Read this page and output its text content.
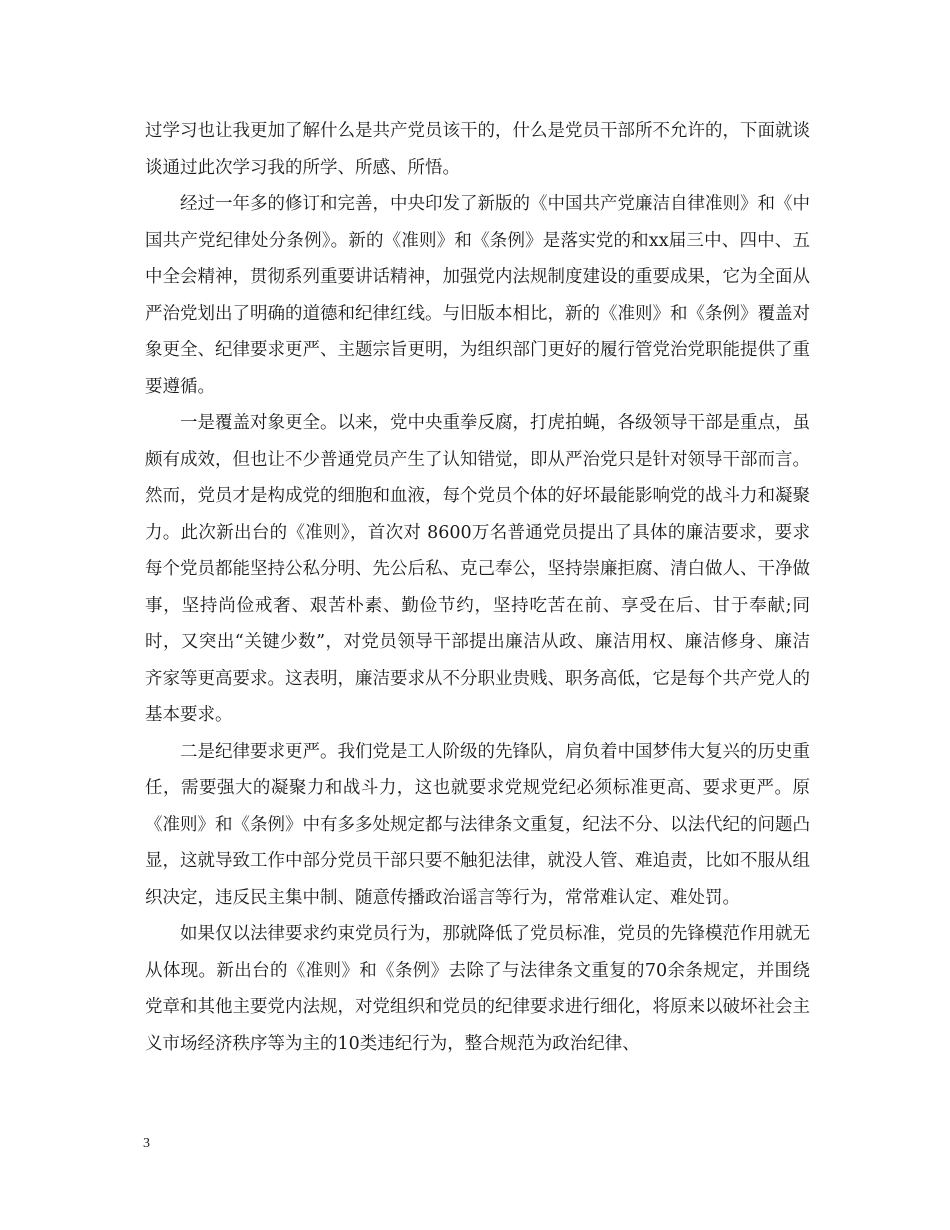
过学习也让我更加了解什么是共产党员该干的，什么是党员干部所不允许的，下面就谈谈通过此次学习我的所学、所感、所悟。

经过一年多的修订和完善，中央印发了新版的《中国共产党廉洁自律准则》和《中国共产党纪律处分条例》。新的《准则》和《条例》是落实党的和xx届三中、四中、五中全会精神，贯彻系列重要讲话精神，加强党内法规制度建设的重要成果，它为全面从严治党划出了明确的道德和纪律红线。与旧版本相比，新的《准则》和《条例》覆盖对象更全、纪律要求更严、主题宗旨更明，为组织部门更好的履行管党治党职能提供了重要遵循。

一是覆盖对象更全。以来，党中央重拳反腐，打虎拍蝇，各级领导干部是重点，虽颇有成效，但也让不少普通党员产生了认知错觉，即从严治党只是针对领导干部而言。然而，党员才是构成党的细胞和血液，每个党员个体的好坏最能影响党的战斗力和凝聚力。此次新出台的《准则》，首次对 8600万名普通党员提出了具体的廉洁要求，要求每个党员都能坚持公私分明、先公后私、克己奉公，坚持崇廉拒腐、清白做人、干净做事，坚持尚俭戒奢、艰苦朴素、勤俭节约，坚持吃苦在前、享受在后、甘于奉献;同时，又突出“关键少数”，对党员领导干部提出廉洁从政、廉洁用权、廉洁修身、廉洁齐家等更高要求。这表明，廉洁要求从不分职业贵贱、职务高低，它是每个共产党人的基本要求。

二是纪律要求更严。我们党是工人阶级的先锋队，肩负着中国梦伟大复兴的历史重任，需要强大的凝聚力和战斗力，这也就要求党规党纪必须标准更高、要求更严。原《准则》和《条例》中有多多处规定都与法律条文重复，纪法不分、以法代纪的问题凸显，这就导致工作中部分党员干部只要不触犯法律，就没人管、难追责，比如不服从组织决定，违反民主集中制、随意传播政治谣言等行为，常常难认定、难处罚。

如果仅以法律要求约束党员行为，那就降低了党员标准，党员的先锋模范作用就无从体现。新出台的《准则》和《条例》去除了与法律条文重复的70余条规定，并围绕党章和其他主要党内法规，对党组织和党员的纪律要求进行细化，将原来以破坏社会主义市场经济秩序等为主的10类违纪行为，整合规范为政治纪律、

3
